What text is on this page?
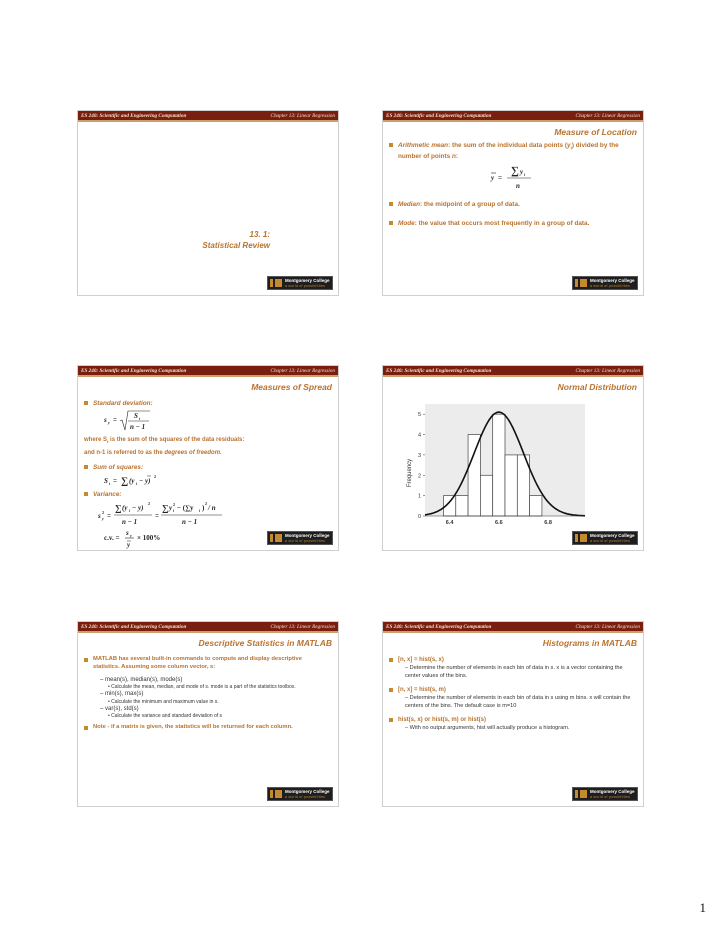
ES 240: Scientific and Engineering Computation	Chapter 13: Linear Regression
13. 1:
Statistical Review
Montgomery College
a world of possibilities
ES 240: Scientific and Engineering Computation	Chapter 13: Linear Regression
Measure of Location
Arithmetic mean: the sum of the individual data points $(y_i)$ divided by the number of points n:
∑ y i
y =
n
Median: the midpoint of a group of data.
Mode: the value that occurs most frequently in a group of data.
Montgomery College
a world of possibilities
ES 240: Scientific and Engineering Computation	Chapter 13: Linear Regression
Measures of Spread
Standard deviation:
s y = S t
n − 1
where $S_t$ is the sum of the squares of the data residuals:
and n-1 is referred to as the degrees of freedom.
Sum of squares:
S t = ∑ (y i − y)
2
Variance:
s 2
y =
∑ (y i − y)
2
n − 1
=
∑ y 2
i − (∑y i )
2
/ n
n − 1
c.v. =
s y
y
× 100%	Montgomery College
a world of possibilities
ES 240: Scientific and Engineering Computation	Chapter 13: Linear Regression
Normal Distribution
Frequency
0
1
2
3
4
5
6.4	6.6	6.8
Montgomery College
a world of possibilities
ES 240: Scientific and Engineering Computation	Chapter 13: Linear Regression
Descriptive Statistics in MATLAB
MATLAB has several built-in commands to compute and display descriptive statistics. Assuming some column vector, s:
– mean(s), median(s), mode(s)
• Calculate the mean, median, and mode of s. mode is a part of the statistics toolbox.
– min(s), max(s)
• Calculate the minimum and maximum value in s.
– var(s), std(s)
• Calculate the variance and standard deviation of s
Note - if a matrix is given, the statistics will be returned for each column.
Montgomery College
a world of possibilities
ES 240: Scientific and Engineering Computation	Chapter 13: Linear Regression
Histograms in MATLAB
[n, x] = hist(s, x)
– Determine the number of elements in each bin of data in s. x is a vector containing the center values of the bins.
[n, x] = hist(s, m)
– Determine the number of elements in each bin of data in s using m bins. x will contain the centers of the bins. The default case is m=10
hist(s, x) or hist(s, m) or hist(s)
– With no output arguments, hist will actually produce a histogram.
Montgomery College
a world of possibilities
1
